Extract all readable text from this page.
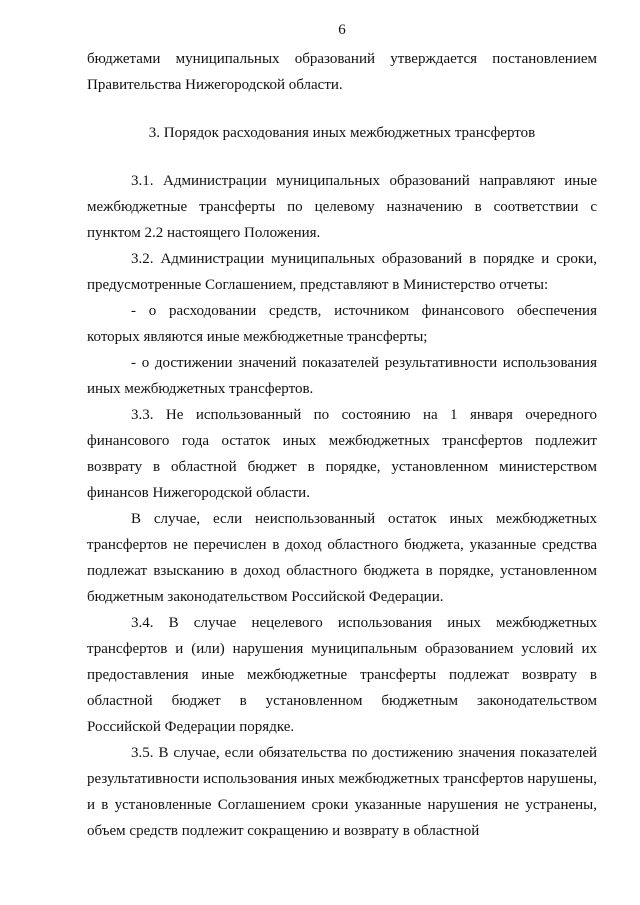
6

бюджетами муниципальных образований утверждается постановлением Правительства Нижегородской области.

3. Порядок расходования иных межбюджетных трансфертов

3.1. Администрации муниципальных образований направляют иные межбюджетные трансферты по целевому назначению в соответствии с пунктом 2.2 настоящего Положения.

3.2. Администрации муниципальных образований в порядке и сроки, предусмотренные Соглашением, представляют в Министерство отчеты:

- о расходовании средств, источником финансового обеспечения которых являются иные межбюджетные трансферты;

- о достижении значений показателей результативности использования иных межбюджетных трансфертов.

3.3. Не использованный по состоянию на 1 января очередного финансового года остаток иных межбюджетных трансфертов подлежит возврату в областной бюджет в порядке, установленном министерством финансов Нижегородской области.

В случае, если неиспользованный остаток иных межбюджетных трансфертов не перечислен в доход областного бюджета, указанные средства подлежат взысканию в доход областного бюджета в порядке, установленном бюджетным законодательством Российской Федерации.

3.4. В случае нецелевого использования иных межбюджетных трансфертов и (или) нарушения муниципальным образованием условий их предоставления иные межбюджетные трансферты подлежат возврату в областной бюджет в установленном бюджетным законодательством Российской Федерации порядке.

3.5. В случае, если обязательства по достижению значения показателей результативности использования иных межбюджетных трансфертов нарушены, и в установленные Соглашением сроки указанные нарушения не устранены, объем средств подлежит сокращению и возврату в областной
